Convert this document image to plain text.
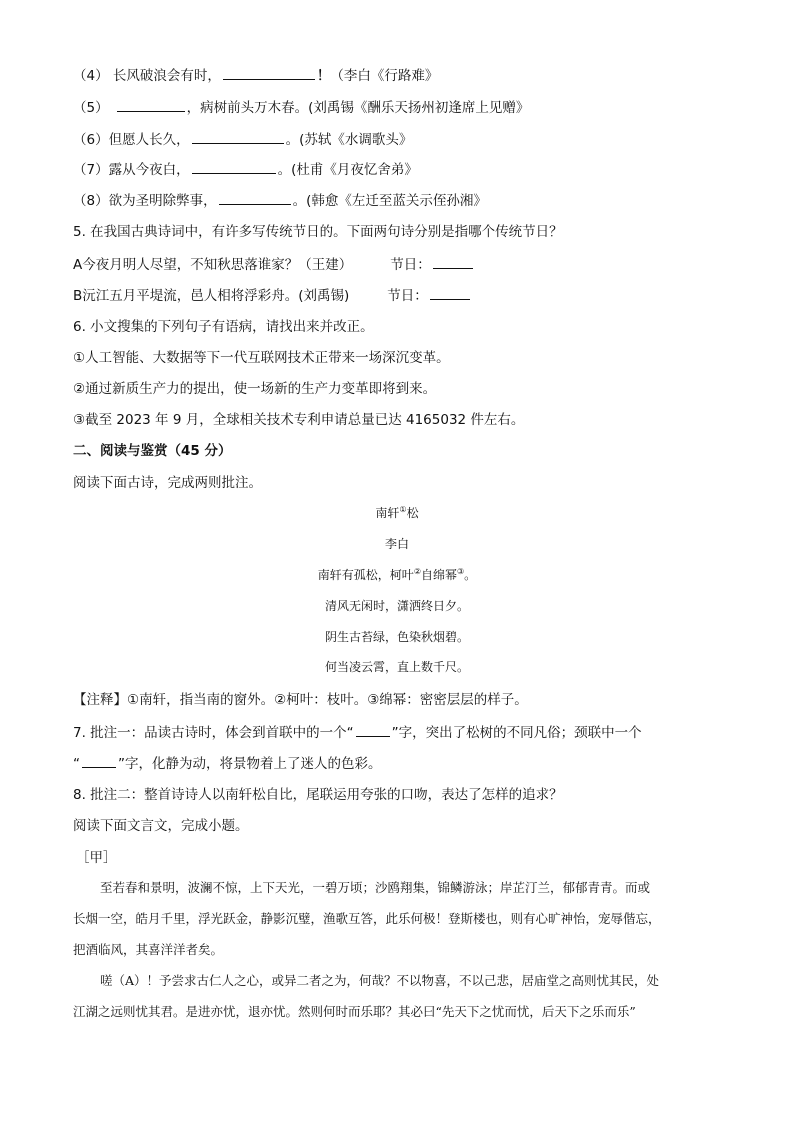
（4） 长风破浪会有时，	！（李白《行路难》
（5）	，病树前头万木春。(刘禹锡《酬乐天扬州初逢席上见赠》
（6）但愿人长久，	。(苏轼《水调歌头》
（7）露从今夜白，	。(杜甫《月夜忆舍弟》
（8）欲为圣明除弊事，	。(韩愈《左迁至蓝关示侄孙湘》
5. 在我国古典诗词中，有许多写传统节日的。下面两句诗分别是指哪个传统节日？
A今夜月明人尽望，不知秋思落谁家？（王建）	节日：
B沅江五月平堤流，邑人相将浮彩舟。(刘禹锡)	节日：
6. 小文搜集的下列句子有语病，请找出来并改正。
①人工智能、大数据等下一代互联网技术正带来一场深沉变革。
②通过新质生产力的提出，使一场新的生产力变革即将到来。
③截至 2023 年 9 月，全球相关技术专利申请总量已达 4165032 件左右。
二、阅读与鉴赏（45 分）
阅读下面古诗，完成两则批注。
南轩①松
李白
南轩有孤松，柯叶②自绵幂③。
清风无闲时，潇洒终日夕。
阴生古苔绿，色染秋烟碧。
何当凌云霄，直上数千尺。
【注释】①南轩，指当南的窗外。②柯叶：枝叶。③绵幂：密密层层的样子。
7. 批注一：品读古诗时，体会到首联中的一个“	”字，突出了松树的不同凡俗；颈联中一个
“	”字，化静为动，将景物着上了迷人的色彩。
8. 批注二：整首诗诗人以南轩松自比，尾联运用夸张的口吻，表达了怎样的追求？
阅读下面文言文，完成小题。
［甲］
至若春和景明，波澜不惊，上下天光，一碧万顷；沙鸥翔集，锦鳞游泳；岸芷汀兰，郁郁青青。而或
长烟一空，皓月千里，浮光跃金，静影沉璧，渔歌互答，此乐何极！登斯楼也，则有心旷神怡，宠辱偕忘，
把酒临风，其喜洋洋者矣。
嗟（A）！予尝求古仁人之心，或异二者之为，何哉？不以物喜，不以己悲，居庙堂之高则忧其民，处
江湖之远则忧其君。是进亦忧，退亦忧。然则何时而乐耶？其必曰“先天下之忧而忧，后天下之乐而乐”
